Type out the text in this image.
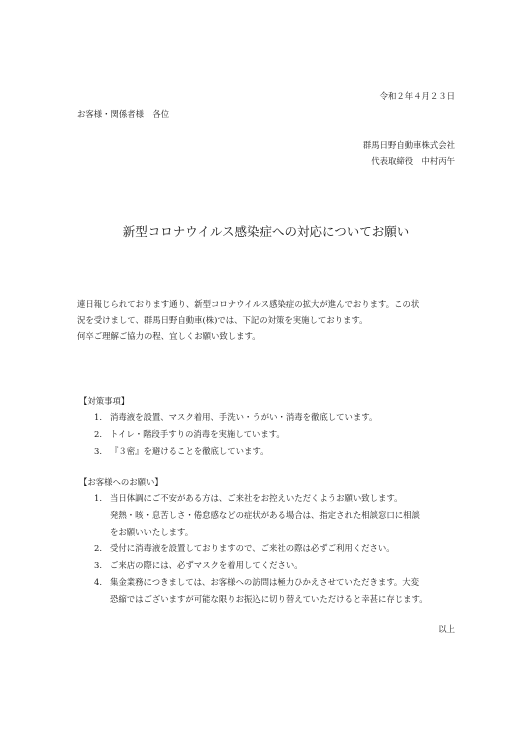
令和２年４月２３日
お客様・関係者様　各位
群馬日野自動車株式会社
代表取締役　中村丙午
新型コロナウイルス感染症への対応についてお願い
連日報じられております通り、新型コロナウイルス感染症の拡大が進んでおります。この状
況を受けまして、群馬日野自動車(株)では、下記の対策を実施しております。
何卒ご理解ご協力の程、宜しくお願い致します。
【対策事項】
1. 消毒液を設置、マスク着用、手洗い・うがい・消毒を徹底しています。
2. トイレ・階段手すりの消毒を実施しています。
3. 『３密』を避けることを徹底しています。
【お客様へのお願い】
1. 当日体調にご不安がある方は、ご来社をお控えいただくようお願い致します。
発熱・咳・息苦しさ・倦怠感などの症状がある場合は、指定された相談窓口に相談
をお願いいたします。
2. 受付に消毒液を設置しておりますので、ご来社の際は必ずご利用ください。
3. ご来店の際には、必ずマスクを着用してください。
4. 集金業務につきましては、お客様への訪問は極力ひかえさせていただきます。大変
恐縮ではございますが可能な限りお振込に切り替えていただけると幸甚に存じます。
以上
